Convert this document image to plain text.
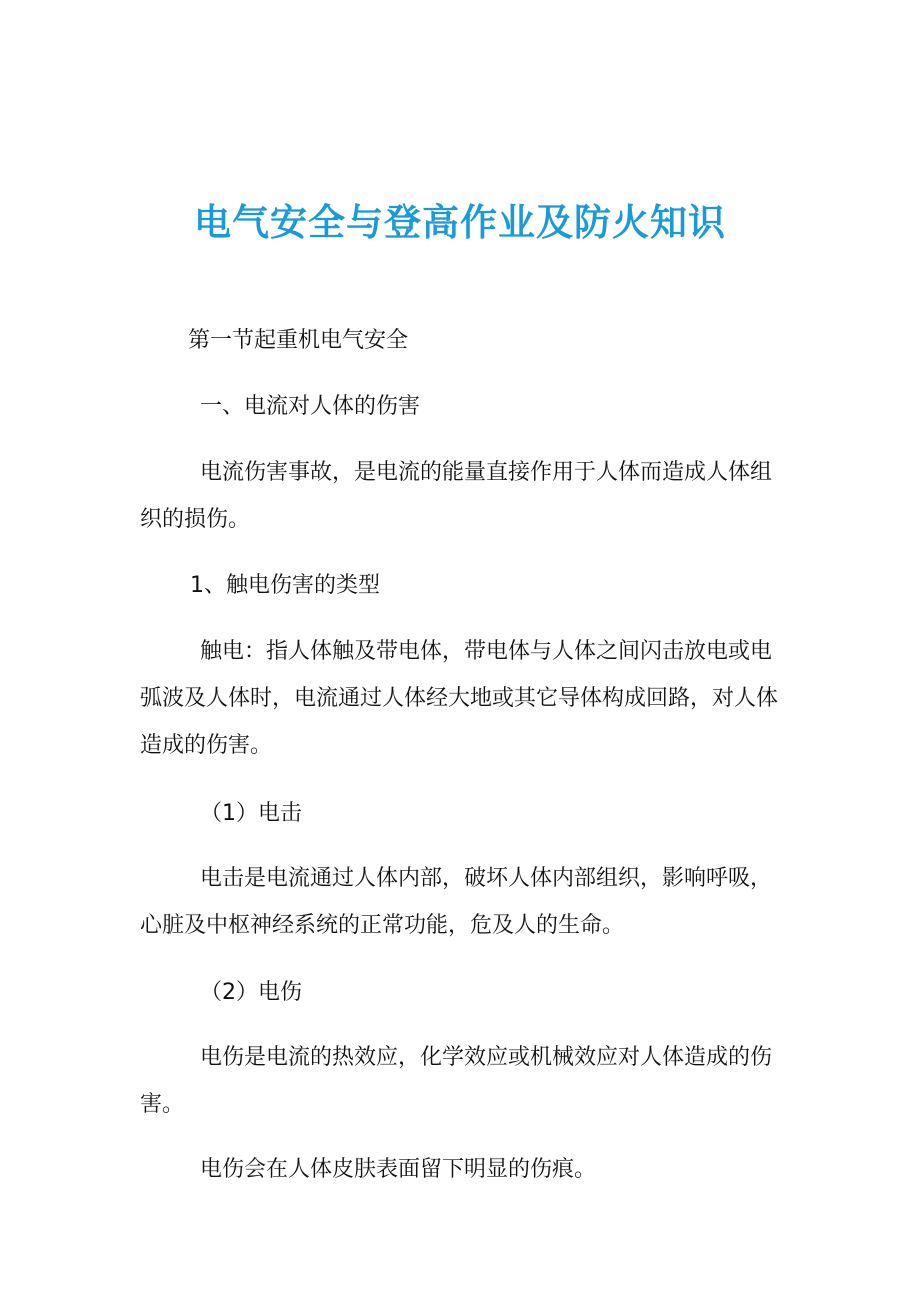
电气安全与登高作业及防火知识

第一节起重机电气安全

一、电流对人体的伤害

电流伤害事故，是电流的能量直接作用于人体而造成人体组织的损伤。

1、触电伤害的类型

触电：指人体触及带电体，带电体与人体之间闪击放电或电弧波及人体时，电流通过人体经大地或其它导体构成回路，对人体造成的伤害。

（1）电击

电击是电流通过人体内部，破坏人体内部组织，影响呼吸，心脏及中枢神经系统的正常功能，危及人的生命。

（2）电伤

电伤是电流的热效应，化学效应或机械效应对人体造成的伤害。

电伤会在人体皮肤表面留下明显的伤痕。
